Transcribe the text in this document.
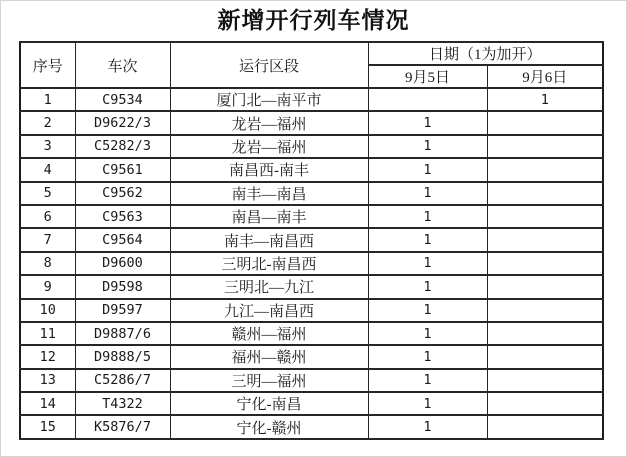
新增开行列车情况
序号	车次	运行区段	日期（1为加开）	
			9月5日	9月6日
1	C9534	厦门北—南平市		1
2	D9622/3	龙岩—福州	1	
3	C5282/3	龙岩—福州	1	
4	C9561	南昌西-南丰	1	
5	C9562	南丰—南昌	1	
6	C9563	南昌—南丰	1	
7	C9564	南丰—南昌西	1	
8	D9600	三明北-南昌西	1	
9	D9598	三明北—九江	1	
10	D9597	九江—南昌西	1	
11	D9887/6	赣州—福州	1	
12	D9888/5	福州—赣州	1	
13	C5286/7	三明—福州	1	
14	T4322	宁化-南昌	1	
15	K5876/7	宁化-赣州	1	
